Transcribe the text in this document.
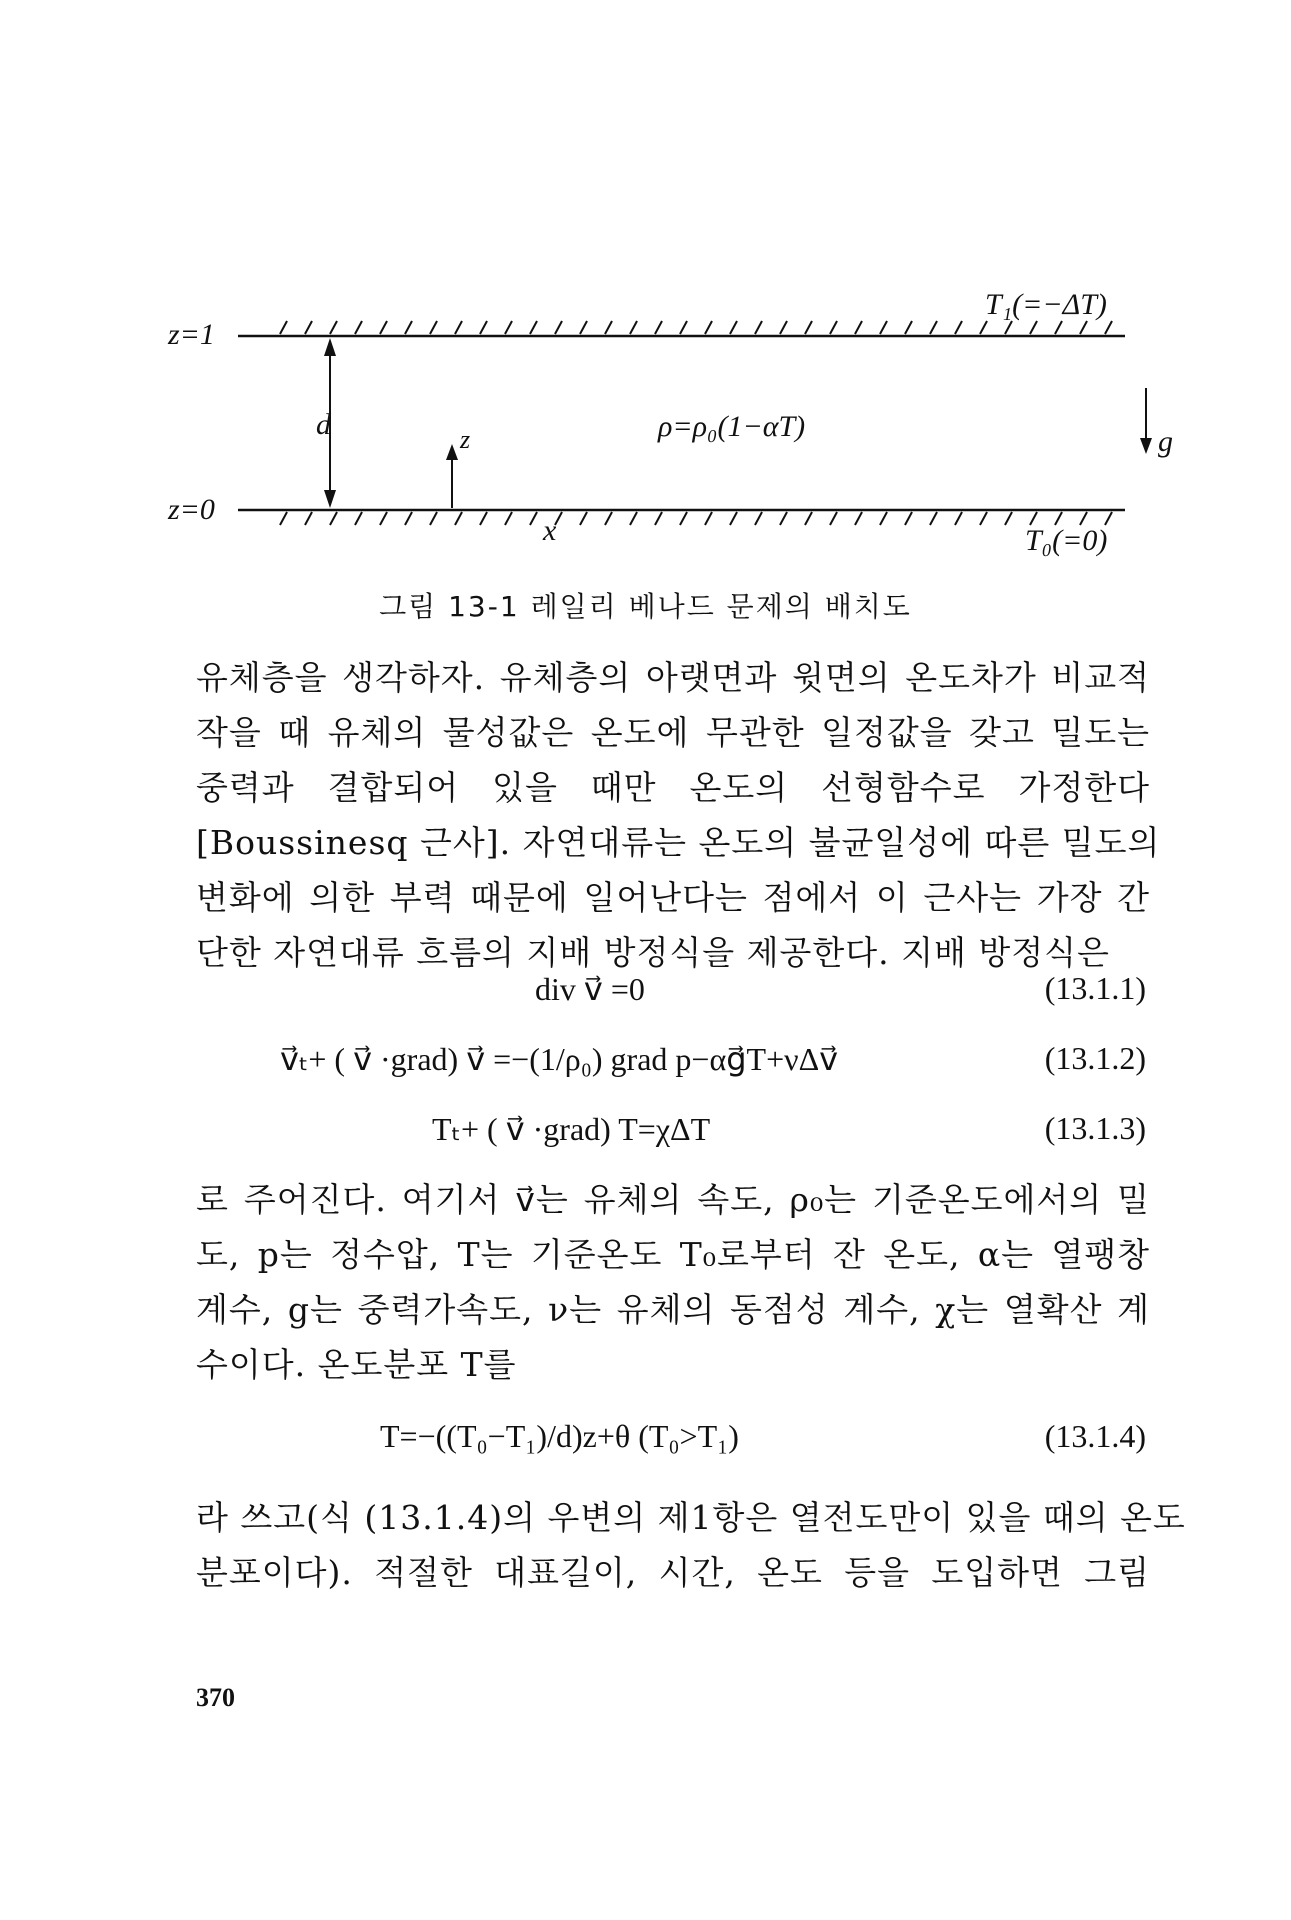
z=1
z=0
T₁(=−ΔT)
T₀(=0)
d	z
x
ρ=ρ₀(1−αT)	g
그림 13-1 레일리 베나드 문제의 배치도
유체층을 생각하자. 유체층의 아랫면과 윗면의 온도차가 비교적
작을 때 유체의 물성값은 온도에 무관한 일정값을 갖고 밀도는
중력과 결합되어 있을 때만 온도의 선형함수로 가정한다
[Boussinesq 근사]. 자연대류는 온도의 불균일성에 따른 밀도의
변화에 의한 부력 때문에 일어난다는 점에서 이 근사는 가장 간
단한 자연대류 흐름의 지배 방정식을 제공한다. 지배 방정식은
div v⃗ =0	(13.1.1)
v⃗ₜ+ ( v⃗ ·grad) v⃗ =−(1/ρ₀) grad p−αg⃗T+νΔv⃗	(13.1.2)
Tₜ+ ( v⃗ ·grad) T=χΔT	(13.1.3)
로 주어진다. 여기서 v⃗는 유체의 속도, ρ₀는 기준온도에서의 밀
도, p는 정수압, T는 기준온도 T₀로부터 잔 온도, α는 열팽창
계수, g는 중력가속도, ν는 유체의 동점성 계수, χ는 열확산 계
수이다. 온도분포 T를
T=−((T₀−T₁)/d)z+θ (T₀>T₁)	(13.1.4)
라 쓰고(식 (13.1.4)의 우변의 제1항은 열전도만이 있을 때의 온도
분포이다). 적절한 대표길이, 시간, 온도 등을 도입하면 그림
370
